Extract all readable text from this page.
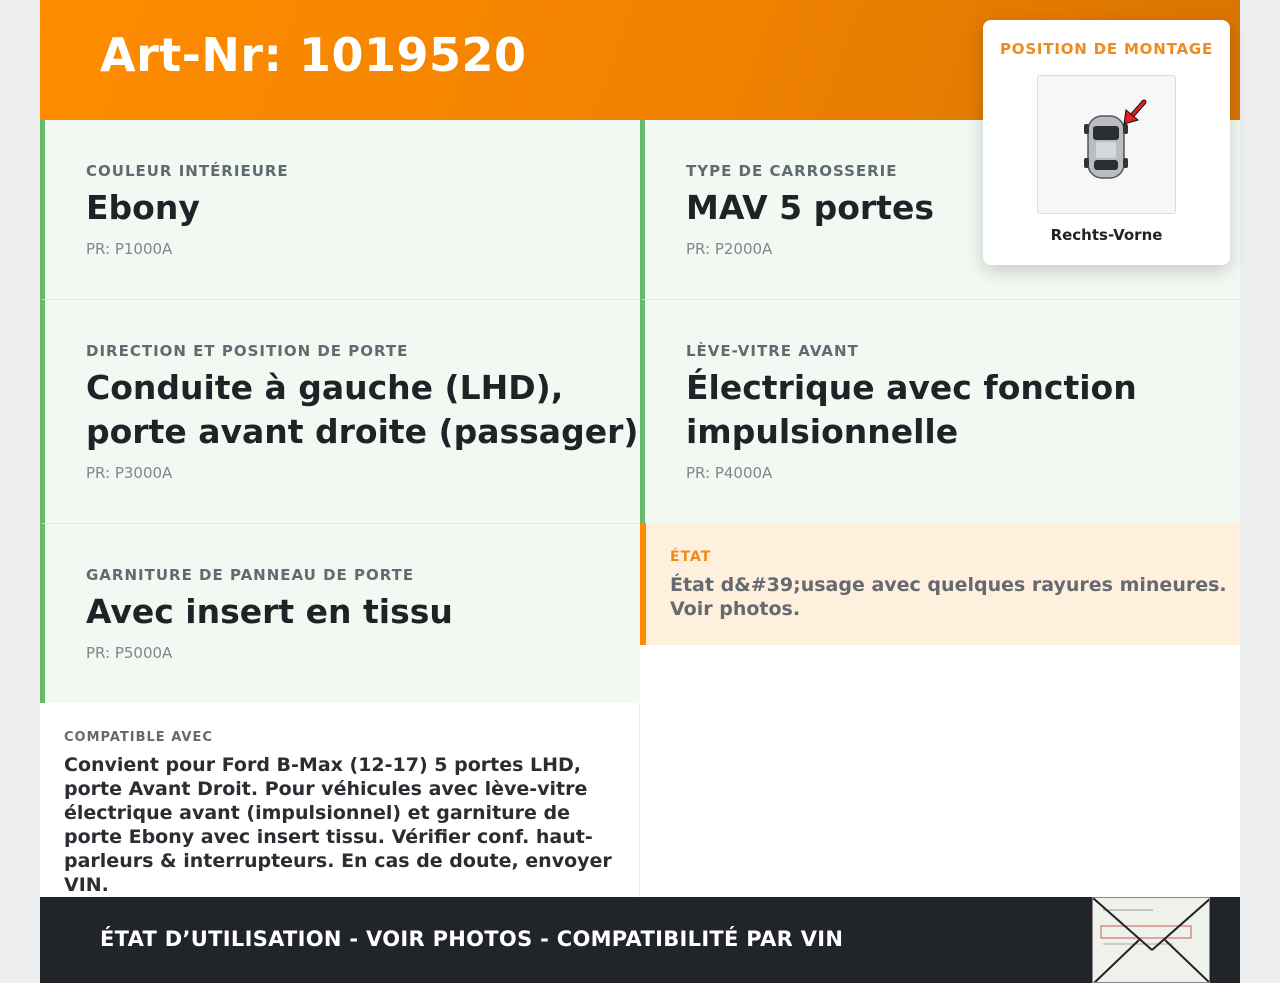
Art-Nr: 1019520
COULEUR INTÉRIEURE
Ebony
PR: P1000A
TYPE DE CARROSSERIE
MAV 5 portes
PR: P2000A
DIRECTION ET POSITION DE PORTE
Conduite à gauche (LHD),
porte avant droite (passager)
PR: P3000A
LÈVE-VITRE AVANT
Électrique avec fonction
impulsionnelle
PR: P4000A
GARNITURE DE PANNEAU DE PORTE
Avec insert en tissu
PR: P5000A
ÉTAT
État d&#39;usage avec quelques rayures mineures. Voir photos.
COMPATIBLE AVEC
Convient pour Ford B-Max (12-17) 5 portes LHD, porte Avant Droit. Pour véhicules avec lève-vitre électrique avant (impulsionnel) et garniture de porte Ebony avec insert tissu. Vérifier conf. haut-parleurs & interrupteurs. En cas de doute, envoyer VIN.
ÉTAT D’UTILISATION - VOIR PHOTOS - COMPATIBILITÉ PAR VIN
POSITION DE MONTAGE
Rechts-Vorne
